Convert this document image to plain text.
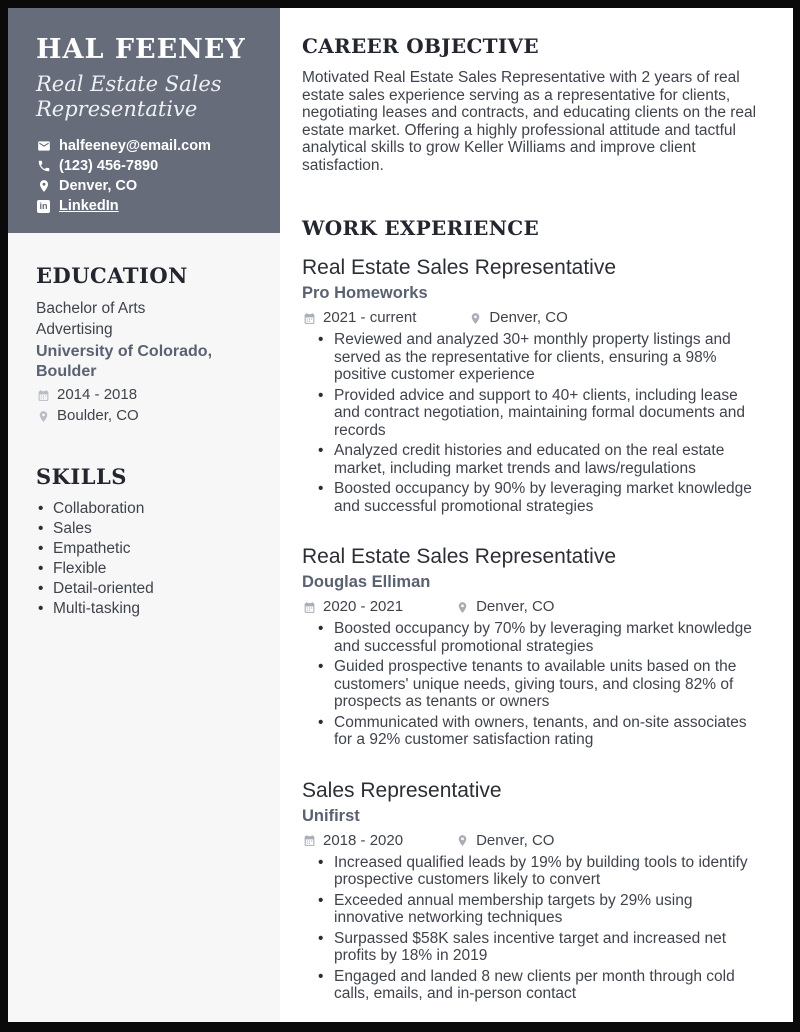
HAL FEENEY
Real Estate Sales Representative
halfeeney@email.com
(123) 456-7890
Denver, CO
in LinkedIn
EDUCATION
Bachelor of Arts Advertising
University of Colorado, Boulder
2014 - 2018
Boulder, CO
SKILLS
• Collaboration
• Sales
• Empathetic
• Flexible
• Detail-oriented
• Multi-tasking
CAREER OBJECTIVE

Motivated Real Estate Sales Representative with 2 years of real estate sales experience serving as a representative for clients, negotiating leases and contracts, and educating clients on the real estate market. Offering a highly professional attitude and tactful analytical skills to grow Keller Williams and improve client satisfaction.

WORK EXPERIENCE
Real Estate Sales Representative
Pro Homeworks
2021 - current	Denver, CO
• Reviewed and analyzed 30+ monthly property listings and served as the representative for clients, ensuring a 98% positive customer experience
• Provided advice and support to 40+ clients, including lease and contract negotiation, maintaining formal documents and records
• Analyzed credit histories and educated on the real estate market, including market trends and laws/regulations
• Boosted occupancy by 90% by leveraging market knowledge and successful promotional strategies
Real Estate Sales Representative
Douglas Elliman
2020 - 2021	Denver, CO
• Boosted occupancy by 70% by leveraging market knowledge and successful promotional strategies
• Guided prospective tenants to available units based on the customers' unique needs, giving tours, and closing 82% of prospects as tenants or owners
• Communicated with owners, tenants, and on-site associates for a 92% customer satisfaction rating
Sales Representative
Unifirst
2018 - 2020	Denver, CO
• Increased qualified leads by 19% by building tools to identify prospective customers likely to convert
• Exceeded annual membership targets by 29% using innovative networking techniques
• Surpassed $58K sales incentive target and increased net profits by 18% in 2019
• Engaged and landed 8 new clients per month through cold calls, emails, and in-person contact
